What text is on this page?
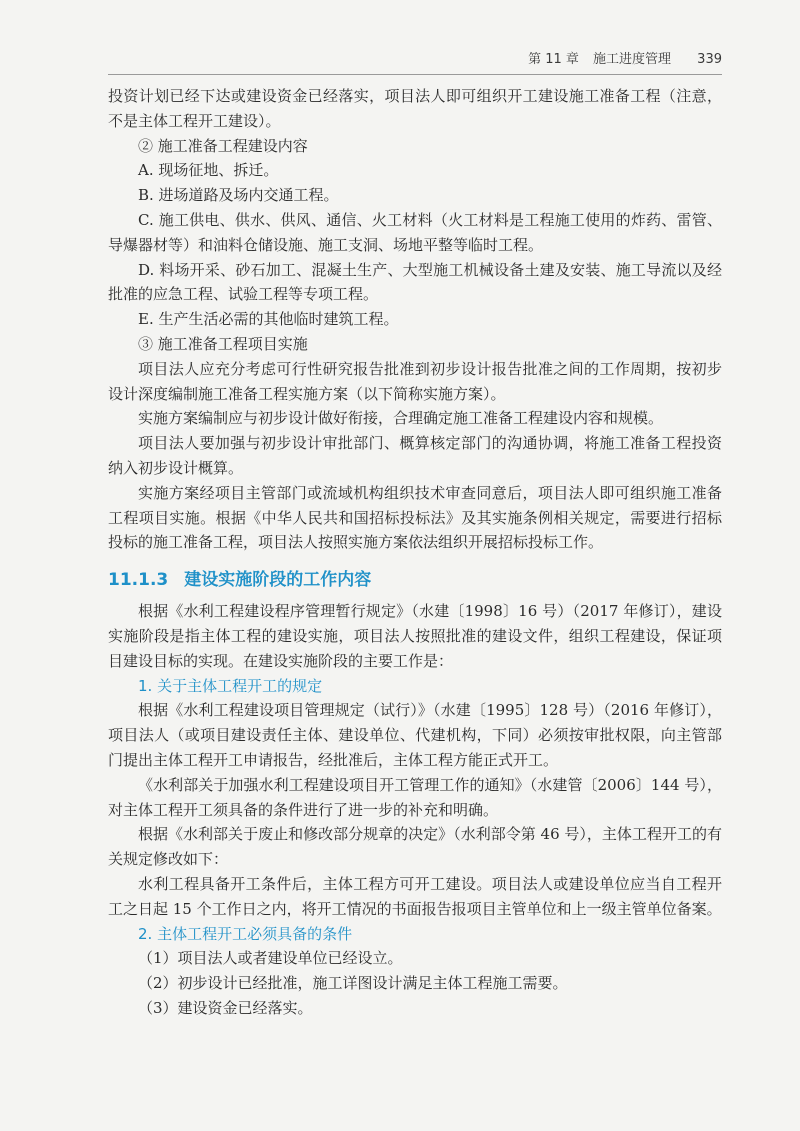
第 11 章 施工进度管理 339

投资计划已经下达或建设资金已经落实，项目法人即可组织开工建设施工准备工程（注意，不是主体工程开工建设）。

② 施工准备工程建设内容

A. 现场征地、拆迁。

B. 进场道路及场内交通工程。

C. 施工供电、供水、供风、通信、火工材料（火工材料是工程施工使用的炸药、雷管、导爆器材等）和油料仓储设施、施工支洞、场地平整等临时工程。

D. 料场开采、砂石加工、混凝土生产、大型施工机械设备土建及安装、施工导流以及经批准的应急工程、试验工程等专项工程。

E. 生产生活必需的其他临时建筑工程。

③ 施工准备工程项目实施

项目法人应充分考虑可行性研究报告批准到初步设计报告批准之间的工作周期，按初步设计深度编制施工准备工程实施方案（以下简称实施方案）。

实施方案编制应与初步设计做好衔接，合理确定施工准备工程建设内容和规模。

项目法人要加强与初步设计审批部门、概算核定部门的沟通协调，将施工准备工程投资纳入初步设计概算。

实施方案经项目主管部门或流域机构组织技术审查同意后，项目法人即可组织施工准备工程项目实施。根据《中华人民共和国招标投标法》及其实施条例相关规定，需要进行招标投标的施工准备工程，项目法人按照实施方案依法组织开展招标投标工作。

11.1.3 建设实施阶段的工作内容

根据《水利工程建设程序管理暂行规定》（水建〔1998〕16 号）（2017 年修订），建设实施阶段是指主体工程的建设实施，项目法人按照批准的建设文件，组织工程建设，保证项目建设目标的实现。在建设实施阶段的主要工作是：

1. 关于主体工程开工的规定

根据《水利工程建设项目管理规定（试行）》（水建〔1995〕128 号）（2016 年修订），项目法人（或项目建设责任主体、建设单位、代建机构，下同）必须按审批权限，向主管部门提出主体工程开工申请报告，经批准后，主体工程方能正式开工。

《水利部关于加强水利工程建设项目开工管理工作的通知》（水建管〔2006〕144 号），对主体工程开工须具备的条件进行了进一步的补充和明确。

根据《水利部关于废止和修改部分规章的决定》（水利部令第 46 号），主体工程开工的有关规定修改如下：

水利工程具备开工条件后，主体工程方可开工建设。项目法人或建设单位应当自工程开工之日起 15 个工作日之内，将开工情况的书面报告报项目主管单位和上一级主管单位备案。

2. 主体工程开工必须具备的条件

（1）项目法人或者建设单位已经设立。

（2）初步设计已经批准，施工详图设计满足主体工程施工需要。

（3）建设资金已经落实。
